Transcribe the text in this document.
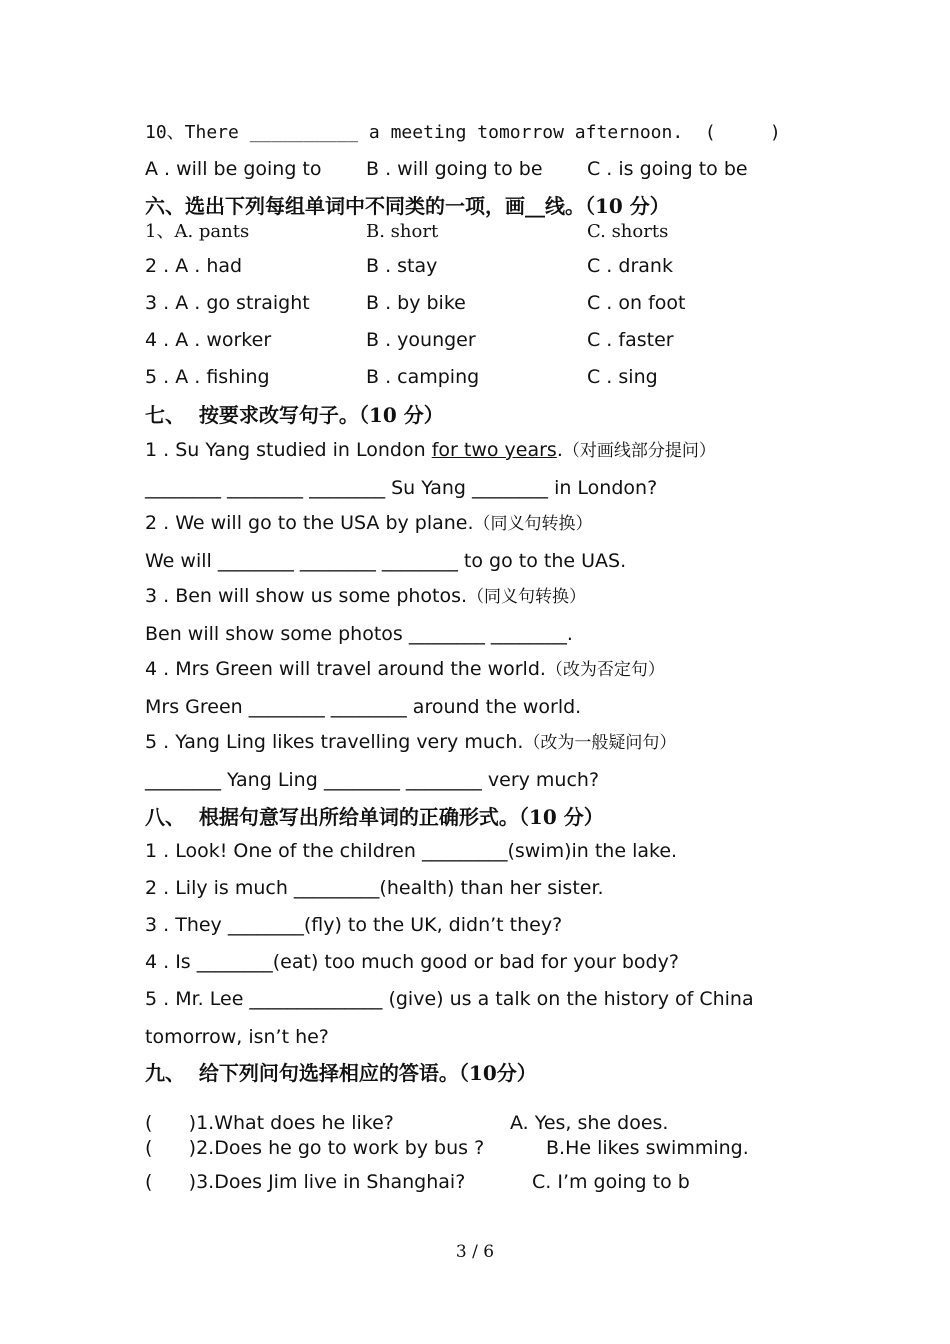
10、There __________ a meeting tomorrow afternoon.  (     )
A . will be going to B . will going to be C . is going to be
六、选出下列每组单词中不同类的一项，画__线。（10 分）
1、A. pants	B. short	C. shorts
2 . A . had	B . stay	C . drank
3 . A . go straight	B . by bike	C . on foot
4 . A . worker	B . younger	C . faster
5 . A . fishing	B . camping	C . sing
七、  按要求改写句子。（10 分）
1 . Su Yang studied in London for two years.（对画线部分提问）
________ ________ ________ Su Yang ________ in London?
2 . We will go to the USA by plane.（同义句转换）
We will ________ ________ ________ to go to the UAS.
3 . Ben will show us some photos.（同义句转换）
Ben will show some photos ________ ________.
4 . Mrs Green will travel around the world.（改为否定句）
Mrs Green ________ ________ around the world.
5 . Yang Ling likes travelling very much.（改为一般疑问句）
________ Yang Ling ________ ________ very much?
八、  根据句意写出所给单词的正确形式。（10 分）
1 . Look! One of the children _________(swim)in the lake.
2 . Lily is much _________(health) than her sister.
3 . They ________(fly) to the UK, didn’t they?
4 . Is ________(eat) too much good or bad for your body?
5 . Mr. Lee ______________ (give) us a talk on the history of China
tomorrow, isn’t he?
九、  给下列问句选择相应的答语。（10分）
(      )1.What does he like?	A. Yes, she does.
(      )2.Does he go to work by bus ?	B.He likes swimming.
(      )3.Does Jim live in Shanghai?	C. I’m going to b
3 / 6
